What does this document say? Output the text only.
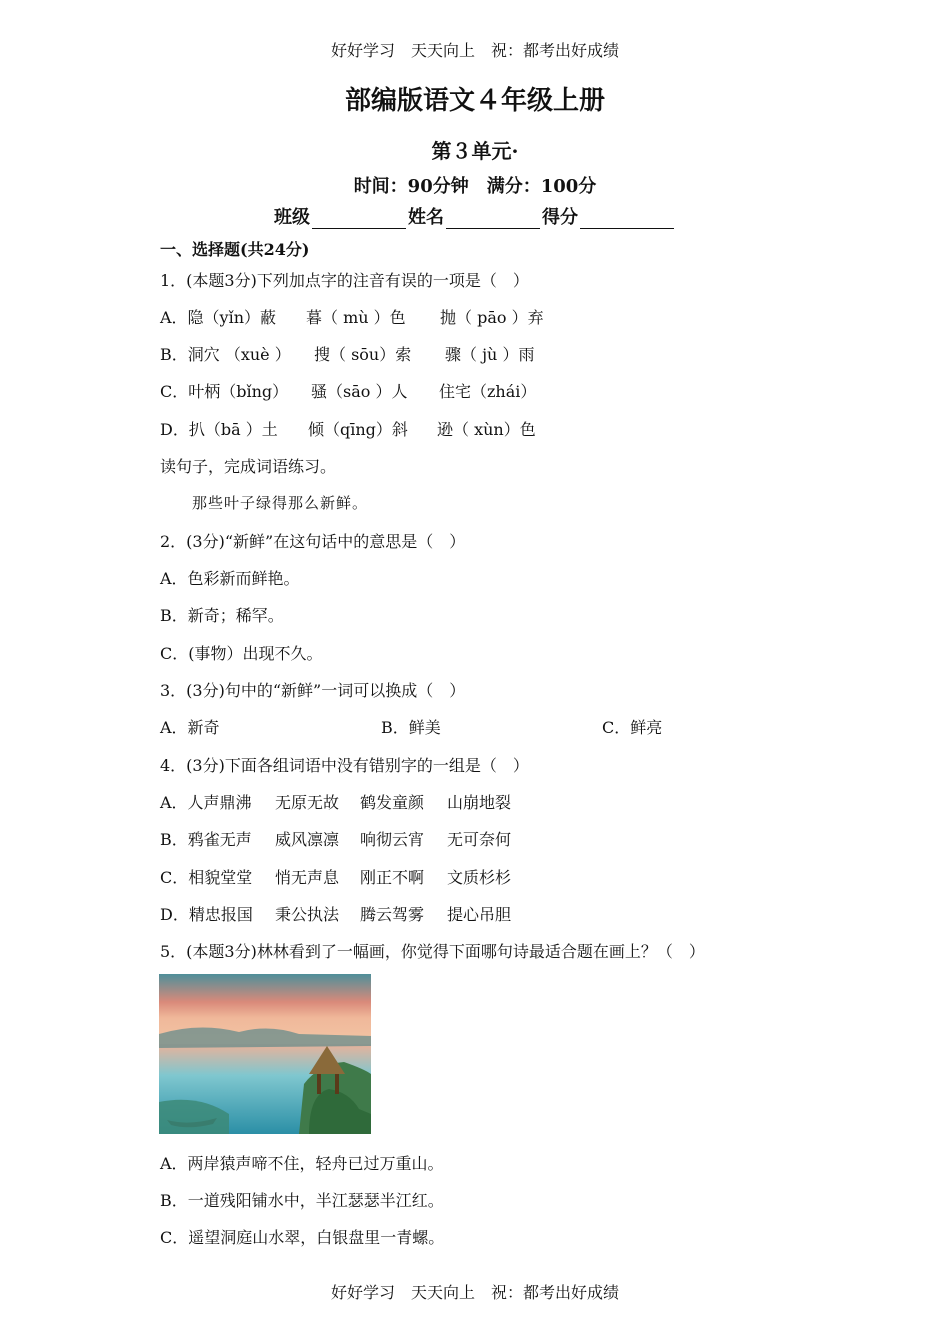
好好学习　天天向上　祝：都考出好成绩
部编版语文４年级上册
第３单元·
时间：90分钟　满分：100分
班级	姓名	得分
一、选择题(共24分)
1．(本题3分)下列加点字的注音有误的一项是（　）
A．隐（yǐn）蔽 暮（ mù ）色 抛（ pāo ）弃
B．洞穴 （xuè ） 搜（ sōu）索 骤（ jù ）雨
C．叶柄（bǐng） 骚（sāo ）人 住宅（zhái）
D．扒（bā ）土 倾（qīng）斜 逊（ xùn）色
读句子，完成词语练习。
那些叶子绿得那么新鲜。
2．(3分)“新鲜”在这句话中的意思是（　）
A．色彩新而鲜艳。
B．新奇；稀罕。
C．(事物）出现不久。
3．(3分)句中的“新鲜”一词可以换成（　）
A．新奇	B．鲜美	C．鲜亮
4．(3分)下面各组词语中没有错别字的一组是（　）
A．人声鼎沸 无原无故 鹤发童颜 山崩地裂
B．鸦雀无声 威风凛凛 响彻云宵 无可奈何
C．相貌堂堂 悄无声息 刚正不啊 文质杉杉
D．精忠报国 秉公执法 腾云驾雾 提心吊胆
5．(本题3分)林林看到了一幅画，你觉得下面哪句诗最适合题在画上？（　）
A．两岸猿声啼不住，轻舟已过万重山。
B．一道残阳铺水中，半江瑟瑟半江红。
C．遥望洞庭山水翠，白银盘里一青螺。
好好学习　天天向上　祝：都考出好成绩
